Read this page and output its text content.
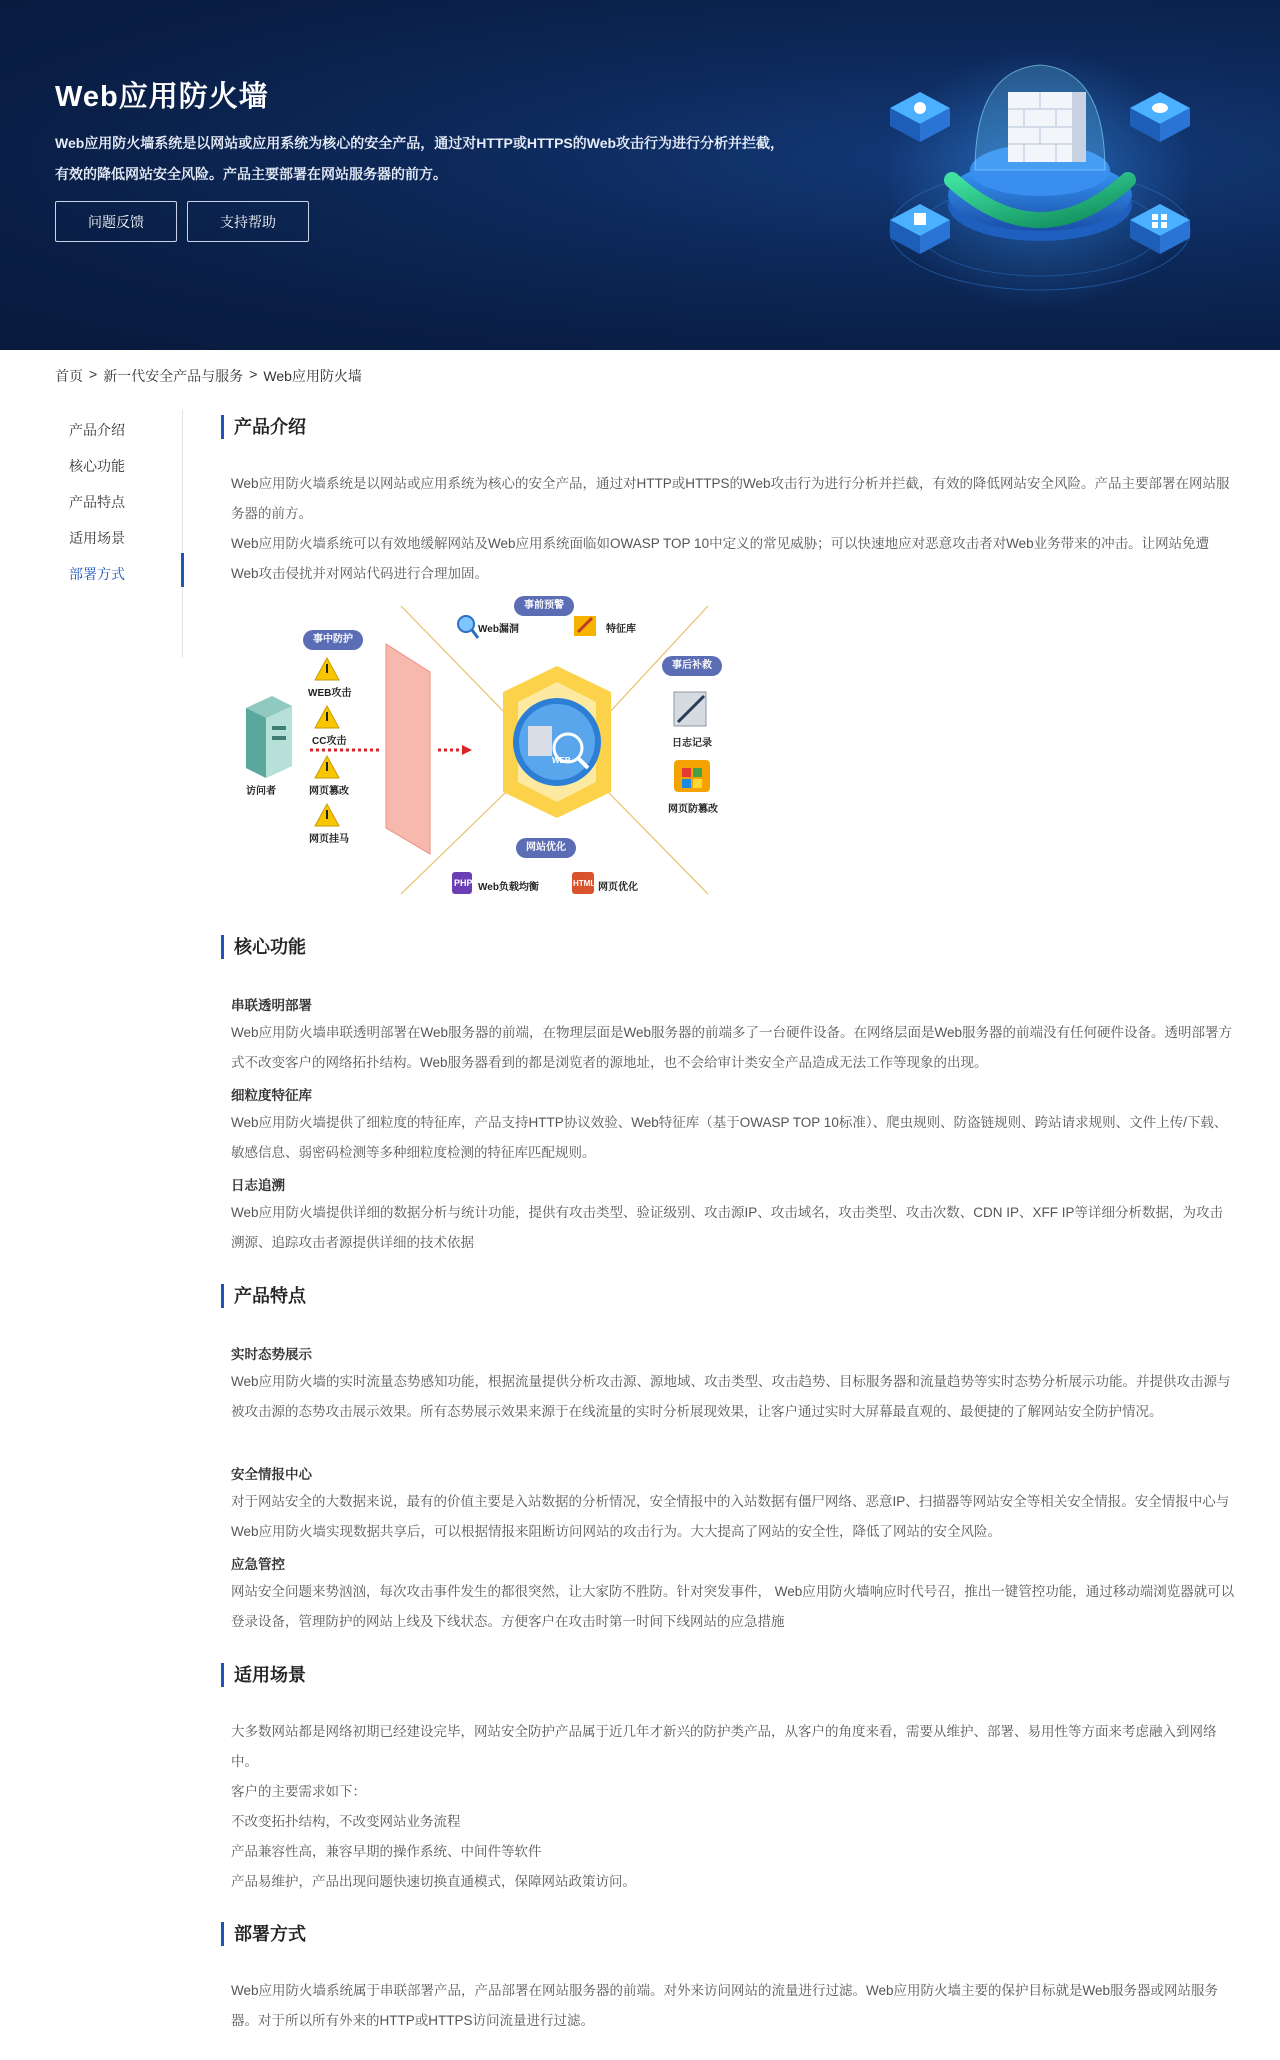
Web应用防火墙
Web应用防火墙系统是以网站或应用系统为核心的安全产品，通过对HTTP或HTTPS的Web攻击行为进行分析并拦截，有效的降低网站安全风险。产品主要部署在网站服务器的前方。
问题反馈	支持帮助
首页 > 新一代安全产品与服务 > Web应用防火墙
产品介绍
核心功能
产品特点
适用场景
部署方式
产品介绍
Web应用防火墙系统是以网站或应用系统为核心的安全产品，通过对HTTP或HTTPS的Web攻击行为进行分析并拦截，有效的降低网站安全风险。产品主要部署在网站服务器的前方。
Web应用防火墙系统可以有效地缓解网站及Web应用系统面临如OWASP TOP 10中定义的常见威胁；可以快速地应对恶意攻击者对Web业务带来的冲击。让网站免遭Web攻击侵扰并对网站代码进行合理加固。
事中防护
事前预警
事后补救
网站优化
访问者
WEB攻击
CC攻击
网页篡改
网页挂马
Web漏洞	特征库
日志记录
网页防篡改
Web负载均衡	网页优化
WEB
PHP	HTML
核心功能
串联透明部署
Web应用防火墙串联透明部署在Web服务器的前端，在物理层面是Web服务器的前端多了一台硬件设备。在网络层面是Web服务器的前端没有任何硬件设备。透明部署方式不改变客户的网络拓扑结构。Web服务器看到的都是浏览者的源地址，也不会给审计类安全产品造成无法工作等现象的出现。
细粒度特征库
Web应用防火墙提供了细粒度的特征库，产品支持HTTP协议效验、Web特征库（基于OWASP TOP 10标准）、爬虫规则、防盗链规则、跨站请求规则、文件上传/下载、敏感信息、弱密码检测等多种细粒度检测的特征库匹配规则。
日志追溯
Web应用防火墙提供详细的数据分析与统计功能，提供有攻击类型、验证级别、攻击源IP、攻击域名，攻击类型、攻击次数、CDN IP、XFF IP等详细分析数据，为攻击溯源、追踪攻击者源提供详细的技术依据
产品特点
实时态势展示
Web应用防火墙的实时流量态势感知功能，根据流量提供分析攻击源、源地域、攻击类型、攻击趋势、目标服务器和流量趋势等实时态势分析展示功能。并提供攻击源与被攻击源的态势攻击展示效果。所有态势展示效果来源于在线流量的实时分析展现效果，让客户通过实时大屏幕最直观的、最便捷的了解网站安全防护情况。
安全情报中心
对于网站安全的大数据来说，最有的价值主要是入站数据的分析情况，安全情报中的入站数据有僵尸网络、恶意IP、扫描器等网站安全等相关安全情报。安全情报中心与Web应用防火墙实现数据共享后，可以根据情报来阻断访问网站的攻击行为。大大提高了网站的安全性，降低了网站的安全风险。
应急管控
网站安全问题来势汹汹，每次攻击事件发生的都很突然，让大家防不胜防。针对突发事件， Web应用防火墙响应时代号召，推出一键管控功能，通过移动端浏览器就可以登录设备，管理防护的网站上线及下线状态。方便客户在攻击时第一时间下线网站的应急措施
适用场景
大多数网站都是网络初期已经建设完毕，网站安全防护产品属于近几年才新兴的防护类产品，从客户的角度来看，需要从维护、部署、易用性等方面来考虑融入到网络中。
客户的主要需求如下：
不改变拓扑结构，不改变网站业务流程
产品兼容性高，兼容早期的操作系统、中间件等软件
产品易维护，产品出现问题快速切换直通模式，保障网站政策访问。
部署方式
Web应用防火墙系统属于串联部署产品，产品部署在网站服务器的前端。对外来访问网站的流量进行过滤。Web应用防火墙主要的保护目标就是Web服务器或网站服务器。对于所以所有外来的HTTP或HTTPS访问流量进行过滤。
